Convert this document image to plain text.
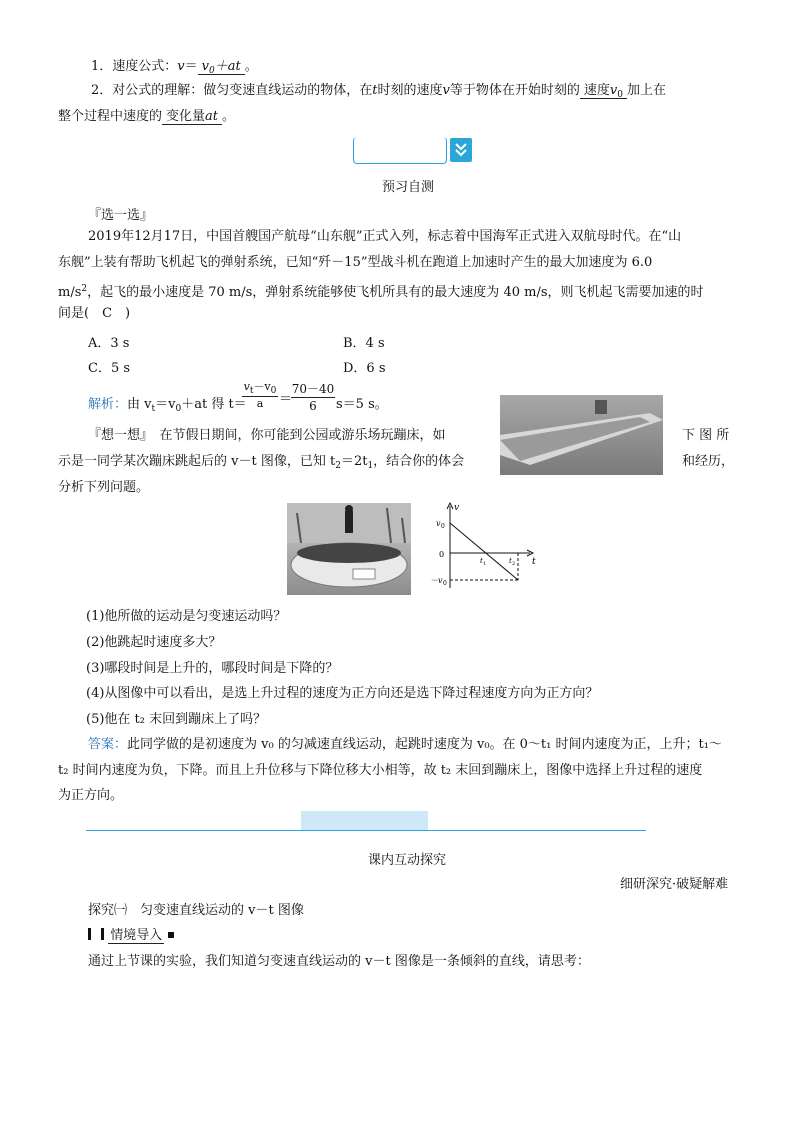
1．速度公式：$v= v_0+at$ 。
2．对公式的理解：做匀变速直线运动的物体，在t时刻的速度v等于物体在开始时刻的 速度$v_0$ 加上在
整个过程中速度的 变化量at 。
预习自测
『选一选』
2019年12月17日，中国首艘国产航母“山东舰”正式入列，标志着中国海军正式进入双航母时代。在“山
东舰”上装有帮助飞机起飞的弹射系统，已知“歼－15”型战斗机在跑道上加速时产生的最大加速度为 6.0
$m/s^2$，起飞的最小速度是 70 m/s，弹射系统能够使飞机所具有的最大速度为 40 m/s，则飞机起飞需要加速的时
间是(　C　)
A．3 s	B．4 s
C．5 s	D．6 s
解析：由 $v_t=v_0+at$ 得 t＝
$v_t-v_0$
a	＝
70－40
6	s＝5 s。
『想一想』　 在节假日期间，你可能到公园或游乐场玩蹦床，如	下 图 所
示是一同学某次蹦床跳起后的 v－t 图像，已知 $t_2=2t_1$，结合你的体会	和经历，
分析下列问题。
v
t
v 0
0
t 1	t 2
－v 0
(1)他所做的运动是匀变速运动吗？
(2)他跳起时速度多大？
(3)哪段时间是上升的，哪段时间是下降的？
(4)从图像中可以看出，是选上升过程的速度为正方向还是选下降过程速度方向为正方向？
(5)他在 t₂ 末回到蹦床上了吗？
答案：此同学做的是初速度为 v₀ 的匀减速直线运动，起跳时速度为 v₀。在 0～t₁ 时间内速度为正，上升；t₁～
t₂ 时间内速度为负，下降。而且上升位移与下降位移大小相等，故 t₂ 末回到蹦床上，图像中选择上升过程的速度
为正方向。
课内互动探究
细研深究·破疑解难
探究㈠　 匀变速直线运动的 v－t 图像
情境导入
通过上节课的实验，我们知道匀变速直线运动的 v－t 图像是一条倾斜的直线，请思考：
